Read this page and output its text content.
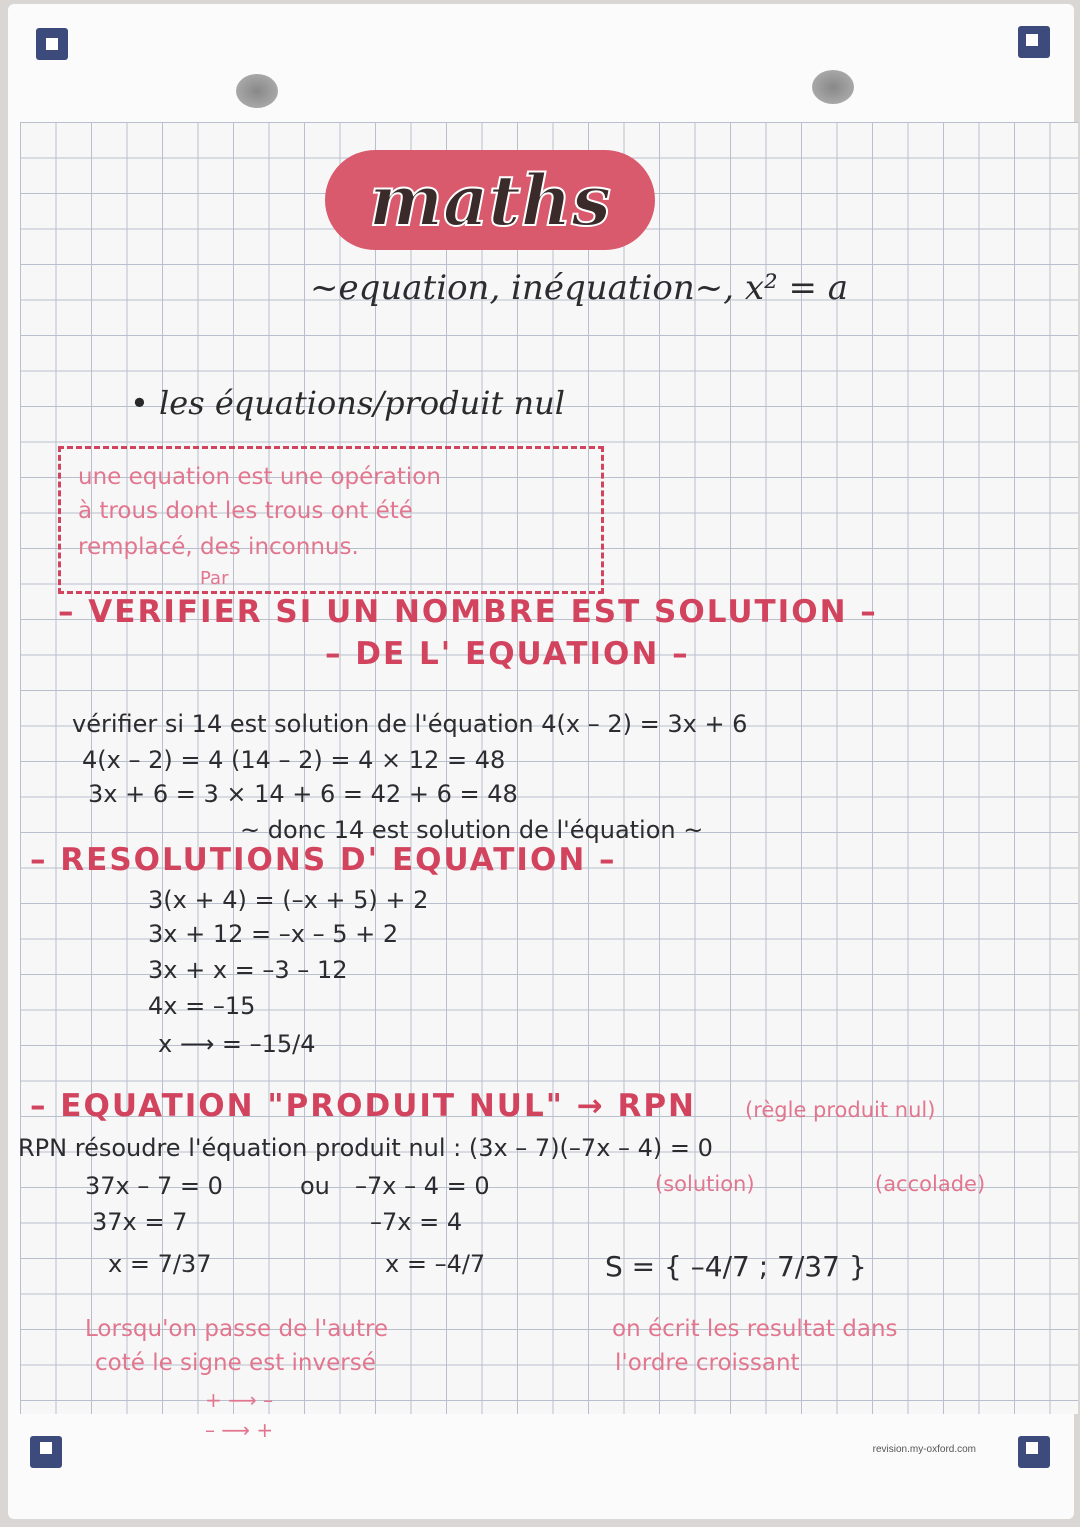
maths
~equation, inéquation~, x² = a
• les équations/produit nul
une equation est une opération
à trous dont les trous ont été
remplacé, des inconnus.
Par
– VERIFIER SI UN NOMBRE EST SOLUTION –
– DE L' EQUATION –
vérifier si 14 est solution de l'équation 4(x – 2) = 3x + 6
4(x – 2) = 4 (14 – 2) = 4 × 12 = 48
3x + 6 = 3 × 14 + 6 = 42 + 6 = 48
~ donc 14 est solution de l'équation ~
– RESOLUTIONS D' EQUATION –
3(x + 4) = (–x + 5) + 2
3x + 12 = –x – 5 + 2
3x + x = –3 – 12
4x = –15
x ⟶ = –15/4
– EQUATION "PRODUIT NUL" → RPN (règle produit nul)
RPN résoudre l'équation produit nul : (3x – 7)(–7x – 4) = 0
37x – 7 = 0
37x = 7
x = 7/37
ou –7x – 4 = 0
–7x = 4
x = –4/7
(solution)	(accolade)
S = { –4/7 ; 7/37 }
Lorsqu'on passe de l'autre
coté le signe est inversé
+ ⟶ –
– ⟶ +
on écrit les resultat dans
l'ordre croissant
revision.my-oxford.com
